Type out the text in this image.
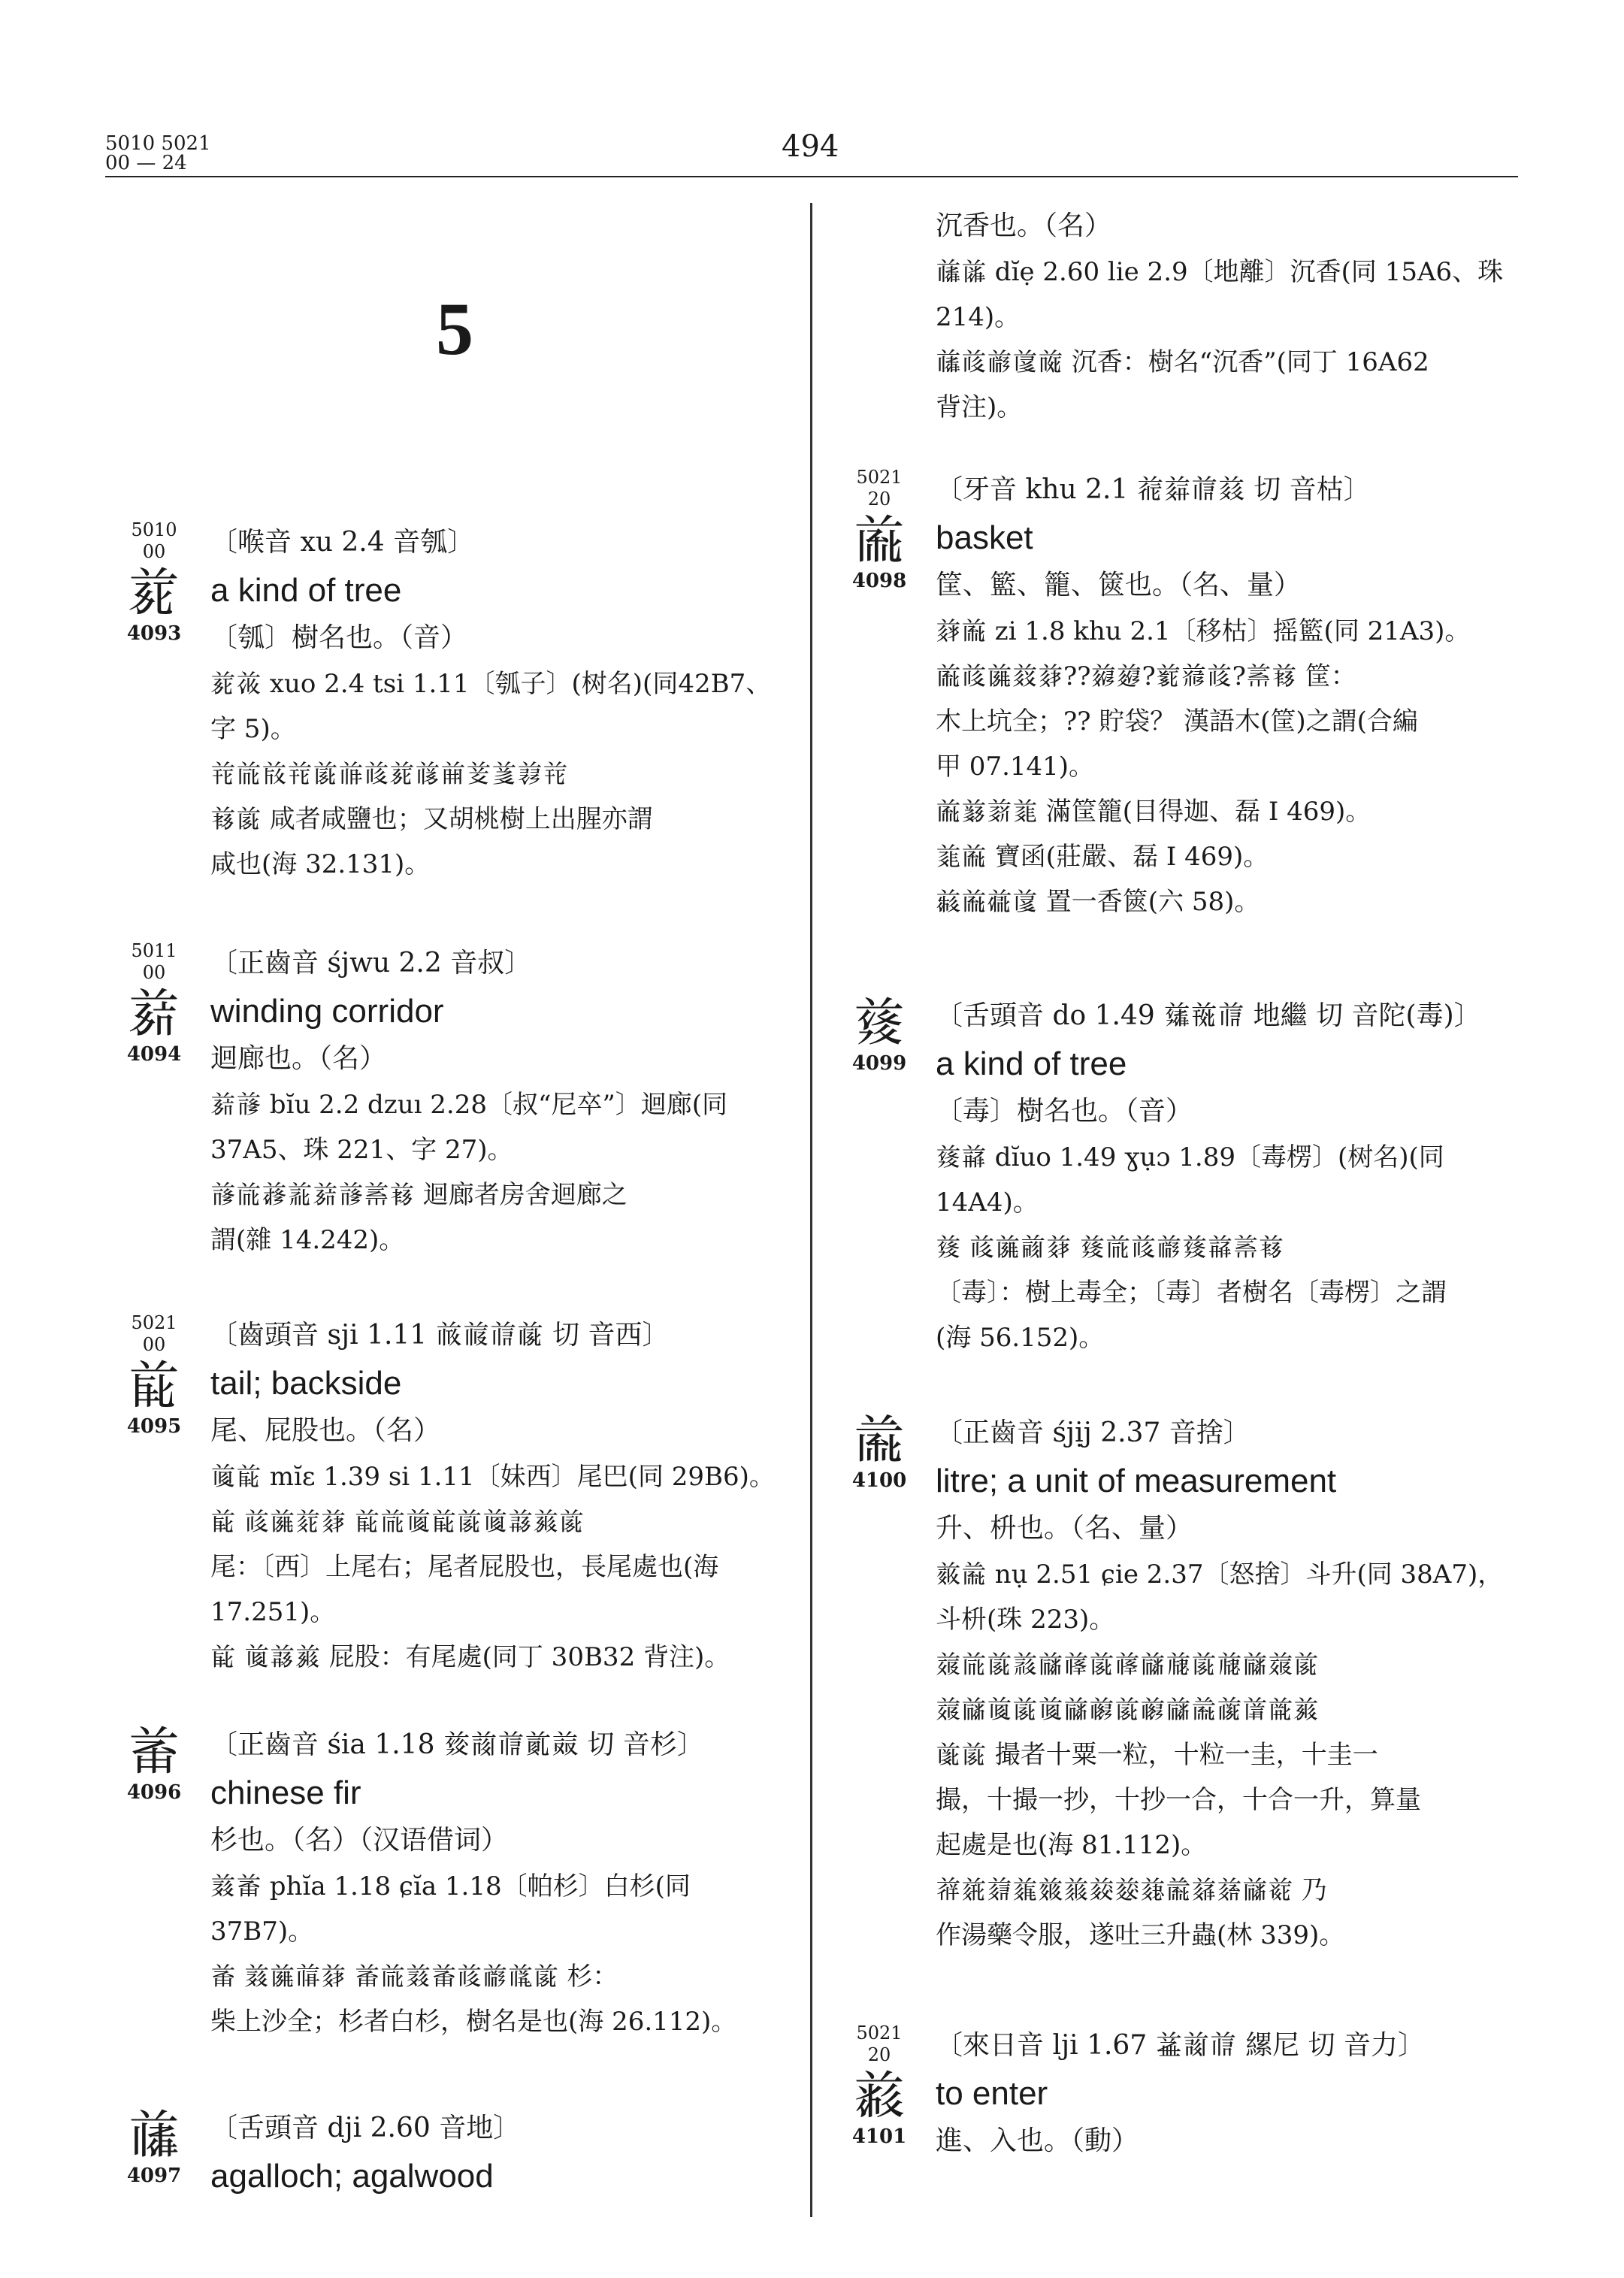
5010 5021
00 — 24	494
5
5010
00
𗐱
4093

〔喉音 xu 2.4 音瓠〕

a kind of tree

〔瓠〕樹名也。（音）

𗐱𗐲 xuo 2.4 tsi 1.11〔瓠子〕(树名)(同42B7、

字 5)。

𗐳𗐴𗐵𗐳𗐶𗐷𗐸𗐱𗐹𗐺𗐻𗐼𗐽𗐳

𗐾𗐶 咸者咸鹽也；又胡桃樹上出腥亦謂

咸也(海 32.131)。

5011
00
𗑀
4094

〔正齒音 śjwu 2.2 音叔〕

winding corridor

迴廊也。（名）

𗑀𗑁 bĭu 2.2 dzuı 2.28〔叔“尼卒”〕迴廊(同

37A5、珠 221、字 27)。

𗑁𗐴𗑂𗑃𗑀𗑁𗑄𗐾 迴廊者房舍迴廊之

謂(雜 14.242)。

5021
00
𗑅
4095

〔齒頭音 sji 1.11 𗑆𗑇𗑈𗑉 切 音西〕

tail; backside

尾、屁股也。（名）

𗑊𗑅 mĭɛ 1.39 si 1.11〔妹西〕尾巴(同 29B6)。

𗑅 𗐸𗑋𗑌𗑍 𗑅𗐴𗑊𗑅𗐶𗑊𗑎𗑏𗐶

尾：〔西〕上尾右；尾者屁股也，長尾處也(海

17.251)。

𗑅 𗑊𗑎𗑏 屁股：有尾處(同丁 30B32 背注)。

𗑐
4096

〔正齒音 śia 1.18 𗑑𗑒𗑈𗑓𗑔 切 音杉〕

chinese fir

杉也。（名）（汉语借词）

𗑕𗑐 phĭa 1.18 ɕĭa 1.18〔帕杉〕白杉(同

37B7)。

𗑐 𗑕𗑋𗑖𗑍 𗑐𗐴𗑕𗑐𗐸𗑗𗑘𗐶 杉：

柴上沙全；杉者白杉，樹名是也(海 26.112)。

𗑙
4097

〔舌頭音 dji 2.60 音地〕

agalloch; agalwood

沉香也。（名）

𗑙𗑚 dĭẹ 2.60 lie 2.9〔地離〕沉香(同 15A6、珠

214)。

𗑙𗐸𗑗𗑛𗑜 沉香：樹名“沉香”(同丁 16A62

背注)。

5021
20
𗑝
4098

〔牙音 khu 2.1 𗑞𗑟𗑈𗑠 切 音枯〕

basket

筐、籃、籠、篋也。（名、量）

𗑡𗑝 zi 1.8 khu 2.1〔移枯〕摇籃(同 21A3)。

𗑝𗐸𗑋𗑢𗑍??𗑣𗑤?𗑥𗑦𗐸?𗑄𗐾 筐：

木上坑全；?? 貯袋？ 漢語木(筐)之謂(合編

甲 07.141)。

𗑝𗑧𗑨𗑩 滿筐籠(目得迦、磊 I 469)。

𗑩𗑝 寶函(莊嚴、磊 I 469)。

𗑪𗑝𗑫𗑛 置一香篋(六 58)。

𗑬
4099

〔舌頭音 do 1.49 𗑭𗑮𗑈 地繼 切 音陀(毒)〕

a kind of tree

〔毒〕樹名也。（音）

𗑬𗑯 dĭuo 1.49 ɣụɔ 1.89〔毒楞〕(树名)(同

14A4)。

𗑬 𗐸𗑋𗑰𗑍 𗑬𗐴𗐸𗑗𗑬𗑯𗑄𗐾

〔毒〕：樹上毒全；〔毒〕者樹名〔毒楞〕之謂

(海 56.152)。

𗑱
4100

〔正齒音 śjịj 2.37 音捨〕

litre; a unit of measurement

升、枡也。（名、量）

𗑲𗑱 nụ 2.51 ɕie 2.37〔怒捨〕斗升(同 38A7)，

斗枡(珠 223)。

𗑳𗐴𗐶𗑴𗑵𗑶𗐶𗑶𗑵𗑷𗐶𗑷𗑵𗑳𗐶

𗑳𗑵𗑊𗐶𗑊𗑵𗑸𗐶𗑸𗑵𗑱𗑹𗑺𗑻𗑏

𗑼𗐶 撮者十粟一粒，十粒一圭，十圭一

撮，十撮一抄，十抄一合，十合一升，算量

起處是也(海 81.112)。

𗑽𗑾𗑿𗒀𗒁𗒂𗒃𗒄𗒅𗑱𗒆𗒇𗑵𗒈 乃

作湯藥令服，遂吐三升蟲(林 339)。

5021
20
𗒉
4101

〔來日音 lji 1.67 𗒊𗒋𗑈 縲尼 切 音力〕

to enter

進、入也。（動）
